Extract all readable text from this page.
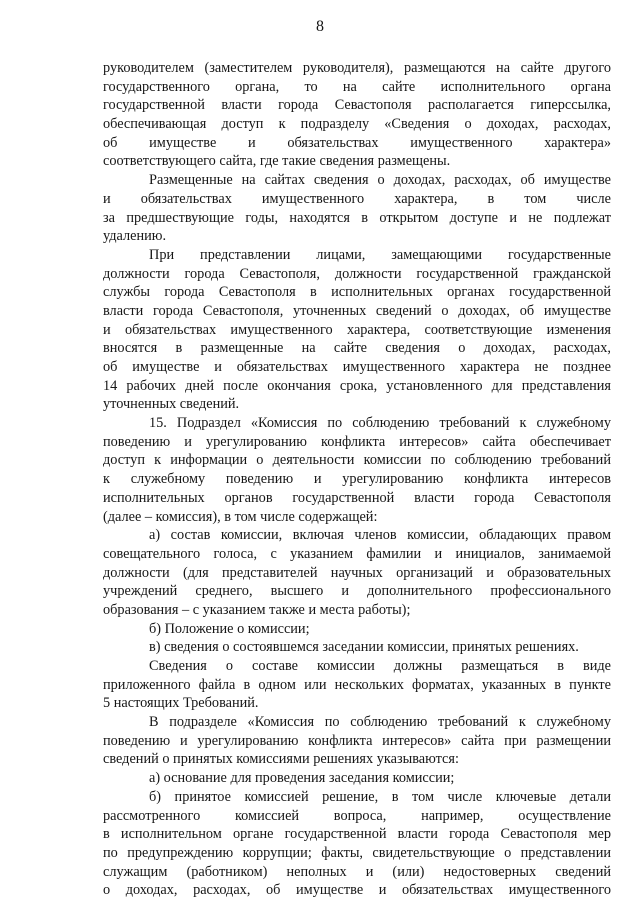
8
руководителем (заместителем руководителя), размещаются на сайте другого
государственного органа, то на сайте исполнительного органа
государственной власти города Севастополя располагается гиперссылка,
обеспечивающая доступ к подразделу «Сведения о доходах, расходах,
об имуществе и обязательствах имущественного характера»
соответствующего сайта, где такие сведения размещены.
Размещенные на сайтах сведения о доходах, расходах, об имуществе
и обязательствах имущественного характера, в том числе
за предшествующие годы, находятся в открытом доступе и не подлежат
удалению.
При представлении лицами, замещающими государственные
должности города Севастополя, должности государственной гражданской
службы города Севастополя в исполнительных органах государственной
власти города Севастополя, уточненных сведений о доходах, об имуществе
и обязательствах имущественного характера, соответствующие изменения
вносятся в размещенные на сайте сведения о доходах, расходах,
об имуществе и обязательствах имущественного характера не позднее
14 рабочих дней после окончания срока, установленного для представления
уточненных сведений.
15. Подраздел «Комиссия по соблюдению требований к служебному
поведению и урегулированию конфликта интересов» сайта обеспечивает
доступ к информации о деятельности комиссии по соблюдению требований
к служебному поведению и урегулированию конфликта интересов
исполнительных органов государственной власти города Севастополя
(далее – комиссия), в том числе содержащей:
а) состав комиссии, включая членов комиссии, обладающих правом
совещательного голоса, с указанием фамилии и инициалов, занимаемой
должности (для представителей научных организаций и образовательных
учреждений среднего, высшего и дополнительного профессионального
образования – с указанием также и места работы);
б) Положение о комиссии;
в) сведения о состоявшемся заседании комиссии, принятых решениях.
Сведения о составе комиссии должны размещаться в виде
приложенного файла в одном или нескольких форматах, указанных в пункте
5 настоящих Требований.
В подразделе «Комиссия по соблюдению требований к служебному
поведению и урегулированию конфликта интересов» сайта при размещении
сведений о принятых комиссиями решениях указываются:
а) основание для проведения заседания комиссии;
б) принятое комиссией решение, в том числе ключевые детали
рассмотренного комиссией вопроса, например, осуществление
в исполнительном органе государственной власти города Севастополя мер
по предупреждению коррупции; факты, свидетельствующие о представлении
служащим (работником) неполных и (или) недостоверных сведений
о доходах, расходах, об имуществе и обязательствах имущественного
